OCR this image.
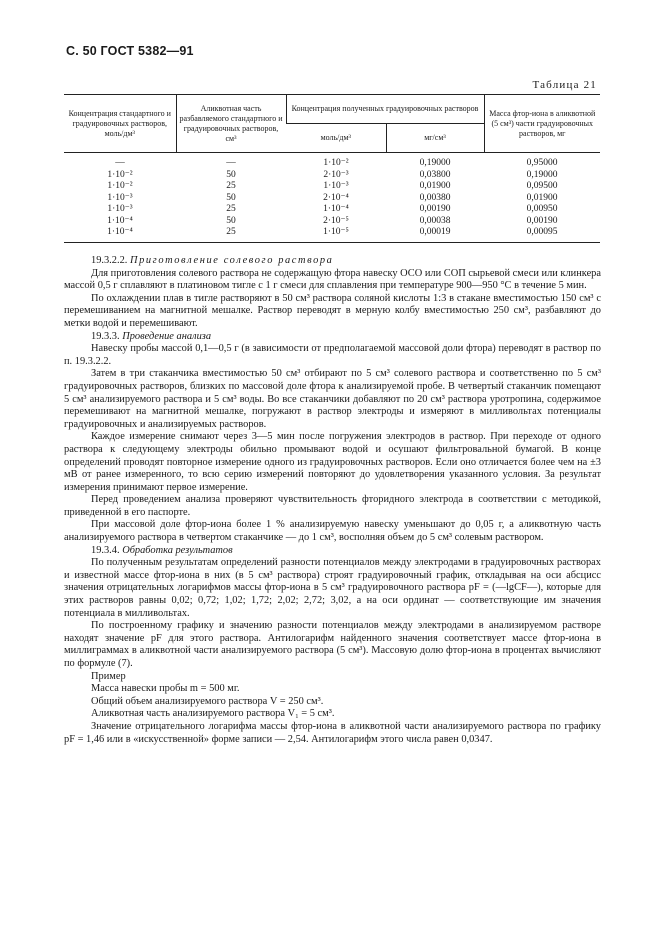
С. 50 ГОСТ 5382—91
Таблица 21
Концентрация стандартного и градуировочных растворов, моль/дм³	Аликвотная часть разбавляемого стандартного и градуировочных растворов, см³	Концентрация полученных градуировочных растворов		Масса фтор-иона в аликвотной (5 см³) части градуировочных растворов, мг
		моль/дм³	мг/см³	
—	—	1·10⁻²	0,19000	0,95000
1·10⁻²	50	2·10⁻³	0,03800	0,19000
1·10⁻²	25	1·10⁻³	0,01900	0,09500
1·10⁻³	50	2·10⁻⁴	0,00380	0,01900
1·10⁻³	25	1·10⁻⁴	0,00190	0,00950
1·10⁻⁴	50	2·10⁻⁵	0,00038	0,00190
1·10⁻⁴	25	1·10⁻⁵	0,00019	0,00095

19.3.2.2. Приготовление солевого раствора

Для приготовления солевого раствора не содержащую фтора навеску ОСО или СОП сырьевой смеси или клинкера массой 0,5 г сплавляют в платиновом тигле с 1 г смеси для сплавления при температуре 900—950 °С в течение 5 мин.

По охлаждении плав в тигле растворяют в 50 см³ раствора соляной кислоты 1:3 в стакане вместимостью 150 см³ с перемешиванием на магнитной мешалке. Раствор переводят в мерную колбу вместимостью 250 см³, разбавляют до метки водой и перемешивают.

19.3.3. Проведение анализа

Навеску пробы массой 0,1—0,5 г (в зависимости от предполагаемой массовой доли фтора) переводят в раствор по п. 19.3.2.2.

Затем в три стаканчика вместимостью 50 см³ отбирают по 5 см³ солевого раствора и соответственно по 5 см³ градуировочных растворов, близких по массовой доле фтора к анализируемой пробе. В четвертый стаканчик помещают 5 см³ анализируемого раствора и 5 см³ воды. Во все стаканчики добавляют по 20 см³ раствора уротропина, содержимое перемешивают на магнитной мешалке, погружают в раствор электроды и измеряют в милливольтах потенциалы градуировочных и анализируемых растворов.

Каждое измерение снимают через 3—5 мин после погружения электродов в раствор. При переходе от одного раствора к следующему электроды обильно промывают водой и осушают фильтровальной бумагой. В конце определений проводят повторное измерение одного из градуировочных растворов. Если оно отличается более чем на ±3 мВ от ранее измеренного, то всю серию измерений повторяют до удовлетворения указанного условия. За результат измерения принимают первое измерение.

Перед проведением анализа проверяют чувствительность фторидного электрода в соответствии с методикой, приведенной в его паспорте.

При массовой доле фтор-иона более 1 % анализируемую навеску уменьшают до 0,05 г, а аликвотную часть анализируемого раствора в четвертом стаканчике — до 1 см³, восполняя объем до 5 см³ солевым раствором.

19.3.4. Обработка результатов

По полученным результатам определений разности потенциалов между электродами в градуировочных растворах и известной массе фтор-иона в них (в 5 см³ раствора) строят градуировочный график, откладывая на оси абсцисс значения отрицательных логарифмов массы фтор-иона в 5 см³ градуировочного раствора pF = (—lgCF—), которые для этих растворов равны 0,02; 0,72; 1,02; 1,72; 2,02; 2,72; 3,02, а на оси ординат — соответствующие им значения потенциала в милливольтах.

По построенному графику и значению разности потенциалов между электродами в анализируемом растворе находят значение pF для этого раствора. Антилогарифм найденного значения соответствует массе фтор-иона в миллиграммах в аликвотной части анализируемого раствора (5 см³). Массовую долю фтор-иона в процентах вычисляют по формуле (7).

Пример

Масса навески пробы m = 500 мг.

Общий объем анализируемого раствора V = 250 см³.

Аликвотная часть анализируемого раствора V₁ = 5 см³.

Значение отрицательного логарифма массы фтор-иона в аликвотной части анализируемого раствора по графику pF = 1,46 или в «искусственной» форме записи — 2,54. Антилогарифм этого числа равен 0,0347.
